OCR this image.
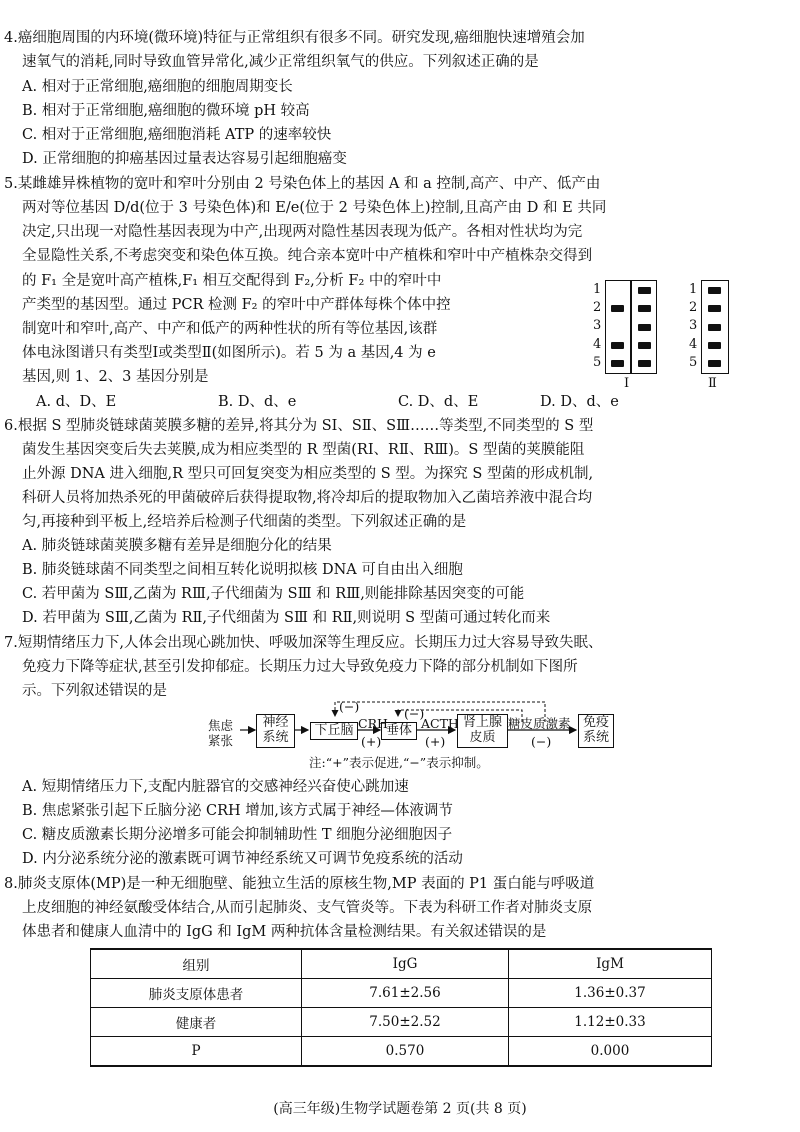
4.癌细胞周围的内环境(微环境)特征与正常组织有很多不同。研究发现,癌细胞快速增殖会加
速氧气的消耗,同时导致血管异常化,减少正常组织氧气的供应。下列叙述正确的是
A. 相对于正常细胞,癌细胞的细胞周期变长
B. 相对于正常细胞,癌细胞的微环境 pH 较高
C. 相对于正常细胞,癌细胞消耗 ATP 的速率较快
D. 正常细胞的抑癌基因过量表达容易引起细胞癌变
5.某雌雄异株植物的宽叶和窄叶分别由 2 号染色体上的基因 A 和 a 控制,高产、中产、低产由
两对等位基因 D/d(位于 3 号染色体)和 E/e(位于 2 号染色体上)控制,且高产由 D 和 E 共同
决定,只出现一对隐性基因表现为中产,出现两对隐性基因表现为低产。各相对性状均为完
全显隐性关系,不考虑突变和染色体互换。纯合亲本宽叶中产植株和窄叶中产植株杂交得到
的 F₁ 全是宽叶高产植株,F₁ 相互交配得到 F₂,分析 F₂ 中的窄叶中
产类型的基因型。通过 PCR 检测 F₂ 的窄叶中产群体每株个体中控
制宽叶和窄叶,高产、中产和低产的两种性状的所有等位基因,该群
体电泳图谱只有类型Ⅰ或类型Ⅱ(如图所示)。若 5 为 a 基因,4 为 e
基因,则 1、2、3 基因分别是
A. d、D、E	B. D、d、e	C. D、d、E	D. D、d、e
1
2
3
4
5
Ⅰ
1
2
3
4
5
Ⅱ
6.根据 S 型肺炎链球菌荚膜多糖的差异,将其分为 SⅠ、SⅡ、SⅢ……等类型,不同类型的 S 型
菌发生基因突变后失去荚膜,成为相应类型的 R 型菌(RⅠ、RⅡ、RⅢ)。S 型菌的荚膜能阻
止外源 DNA 进入细胞,R 型只可回复突变为相应类型的 S 型。为探究 S 型菌的形成机制,
科研人员将加热杀死的甲菌破碎后获得提取物,将冷却后的提取物加入乙菌培养液中混合均
匀,再接种到平板上,经培养后检测子代细菌的类型。下列叙述正确的是
A. 肺炎链球菌荚膜多糖有差异是细胞分化的结果
B. 肺炎链球菌不同类型之间相互转化说明拟核 DNA 可自由出入细胞
C. 若甲菌为 SⅢ,乙菌为 RⅢ,子代细菌为 SⅢ 和 RⅢ,则能排除基因突变的可能
D. 若甲菌为 SⅢ,乙菌为 RⅡ,子代细菌为 SⅢ 和 RⅡ,则说明 S 型菌可通过转化而来
7.短期情绪压力下,人体会出现心跳加快、呼吸加深等生理反应。长期压力过大容易导致失眠、
免疫力下降等症状,甚至引发抑郁症。长期压力过大导致免疫力下降的部分机制如下图所
示。下列叙述错误的是
焦虑
紧张
神经
系统	下丘脑	垂体
肾上腺
皮质
免疫
系统
CRH	ACTH	糖皮质激素
(+)	(+)	(−)
(−)	(−)
注:“+”表示促进,“−”表示抑制。
A. 短期情绪压力下,支配内脏器官的交感神经兴奋使心跳加速
B. 焦虑紧张引起下丘脑分泌 CRH 增加,该方式属于神经—体液调节
C. 糖皮质激素长期分泌增多可能会抑制辅助性 T 细胞分泌细胞因子
D. 内分泌系统分泌的激素既可调节神经系统又可调节免疫系统的活动
8.肺炎支原体(MP)是一种无细胞壁、能独立生活的原核生物,MP 表面的 P1 蛋白能与呼吸道
上皮细胞的神经氨酸受体结合,从而引起肺炎、支气管炎等。下表为科研工作者对肺炎支原
体患者和健康人血清中的 IgG 和 IgM 两种抗体含量检测结果。有关叙述错误的是
组别	IgG	IgM
肺炎支原体患者	7.61±2.56	1.36±0.37
健康者	7.50±2.52	1.12±0.33
P	0.570	0.000
(高三年级)生物学试题卷第 2 页(共 8 页)
